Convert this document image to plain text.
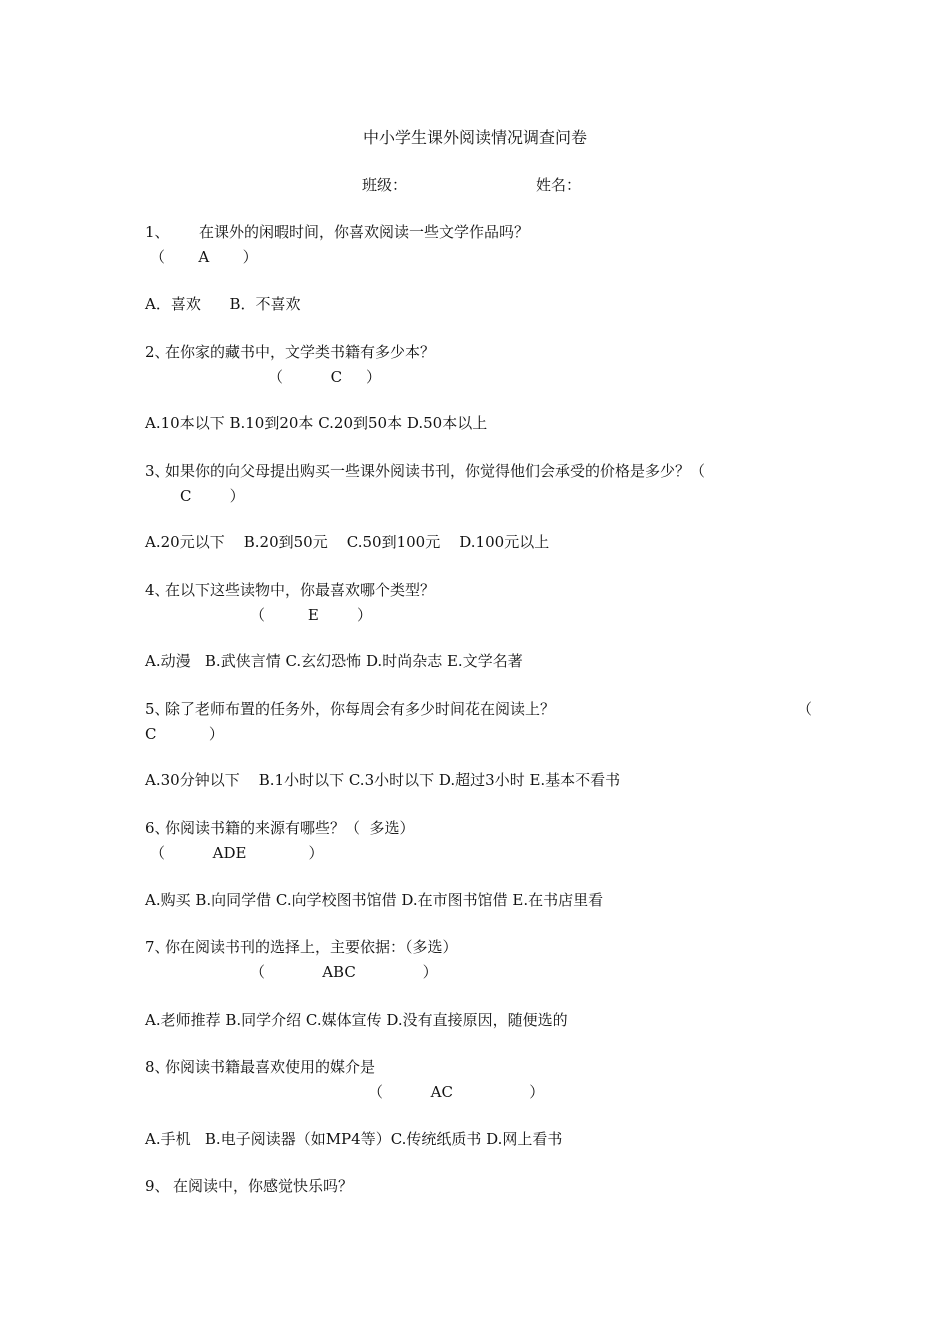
中小学生课外阅读情况调查问卷
班级：	姓名：
1、 在课外的闲暇时间，你喜欢阅读一些文学作品吗？
（       A       ）
A．喜欢      B．不喜欢
2、
在你家的藏书中，文学类书籍有多少本？
（          C     ）
A.10本以下 B.10到20本 C.20到50本 D.50本以上
3、
如果你的向父母提出购买一些课外阅读书刊，你觉得他们会承受的价格是多少？（
C        ）
A.20元以下    B.20到50元    C.50到100元    D.100元以上
4、
在以下这些读物中，你最喜欢哪个类型？
（         E        ）
A.动漫   B.武侠言情 C.玄幻恐怖 D.时尚杂志 E.文学名著
5、
除了老师布置的任务外，你每周会有多少时间花在阅读上？	（
C           ）
A.30分钟以下    B.1小时以下 C.3小时以下 D.超过3小时 E.基本不看书
6、
你阅读书籍的来源有哪些？（  多选）
（          ADE             ）
A.购买 B.向同学借 C.向学校图书馆借 D.在市图书馆借 E.在书店里看
7、
你在阅读书刊的选择上，主要依据：（多选）
（            ABC              ）
A.老师推荐 B.同学介绍 C.媒体宣传 D.没有直接原因，随便选的
8、
你阅读书籍最喜欢使用的媒介是
（          AC                ）
A.手机   B.电子阅读器（如MP4等）C.传统纸质书 D.网上看书
9、 在阅读中，你感觉快乐吗？
